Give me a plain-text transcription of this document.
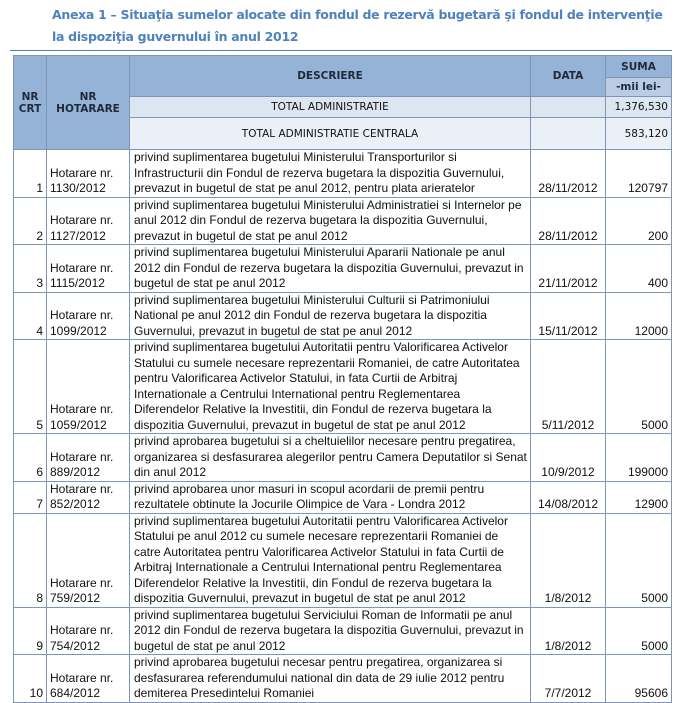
Anexa 1 – Situaţia sumelor alocate din fondul de rezervă bugetară şi fondul de intervenţie la dispoziţia guvernului în anul 2012
NR CRT	NR HOTARARE	DESCRIERE	DATA	SUMA
				-mii lei-
		TOTAL ADMINISTRATIE		1,376,530
		TOTAL ADMINISTRATIE CENTRALA		583,120
1	Hotarare nr. 1130/2012	privind suplimentarea bugetului Ministerului Transporturilor si Infrastructurii din Fondul de rezerva bugetara la dispozitia Guvernului, prevazut in bugetul de stat pe anul 2012, pentru plata arieratelor	28/11/2012	120797
2	Hotarare nr. 1127/2012	privind suplimentarea bugetului Ministerului Administratiei si Internelor pe anul 2012 din Fondul de rezerva bugetara la dispozitia Guvernului, prevazut in bugetul de stat pe anul 2012	28/11/2012	200
3	Hotarare nr. 1115/2012	privind suplimentarea bugetului Ministerului Apararii Nationale pe anul 2012 din Fondul de rezerva bugetara la dispozitia Guvernului, prevazut in bugetul de stat pe anul 2012	21/11/2012	400
4	Hotarare nr. 1099/2012	privind suplimentarea bugetului Ministerului Culturii si Patrimoniului National pe anul 2012 din Fondul de rezerva bugetara la dispozitia Guvernului, prevazut in bugetul de stat pe anul 2012	15/11/2012	12000
5	Hotarare nr. 1059/2012	privind suplimentarea bugetului Autoritatii pentru Valorificarea Activelor Statului cu sumele necesare reprezentarii Romaniei, de catre Autoritatea pentru Valorificarea Activelor Statului, in fata Curtii de Arbitraj Internationale a Centrului International pentru Reglementarea Diferendelor Relative la Investitii, din Fondul de rezerva bugetara la dispozitia Guvernului, prevazut in bugetul de stat pe anul 2012	5/11/2012	5000
6	Hotarare nr. 889/2012	privind aprobarea bugetului si a cheltuielilor necesare pentru pregatirea, organizarea si desfasurarea alegerilor pentru Camera Deputatilor si Senat din anul 2012	10/9/2012	199000
7	Hotarare nr. 852/2012	privind aprobarea unor masuri in scopul acordarii de premii pentru rezultatele obtinute la Jocurile Olimpice de Vara - Londra 2012	14/08/2012	12900
8	Hotarare nr. 759/2012	privind suplimentarea bugetului Autoritatii pentru Valorificarea Activelor Statului pe anul 2012 cu sumele necesare reprezentarii Romaniei de catre Autoritatea pentru Valorificarea Activelor Statului in fata Curtii de Arbitraj Internationale a Centrului International pentru Reglementarea Diferendelor Relative la Investitii, din Fondul de rezerva bugetara la dispozitia Guvernului, prevazut in bugetul de stat pe anul 2012	1/8/2012	5000
9	Hotarare nr. 754/2012	privind suplimentarea bugetului Serviciului Roman de Informatii pe anul 2012 din Fondul de rezerva bugetara la dispozitia Guvernului, prevazut in bugetul de stat pe anul 2012	1/8/2012	5000
10	Hotarare nr. 684/2012	privind aprobarea bugetului necesar pentru pregatirea, organizarea si desfasurarea referendumului national din data de 29 iulie 2012 pentru demiterea Presedintelui Romaniei	7/7/2012	95606
